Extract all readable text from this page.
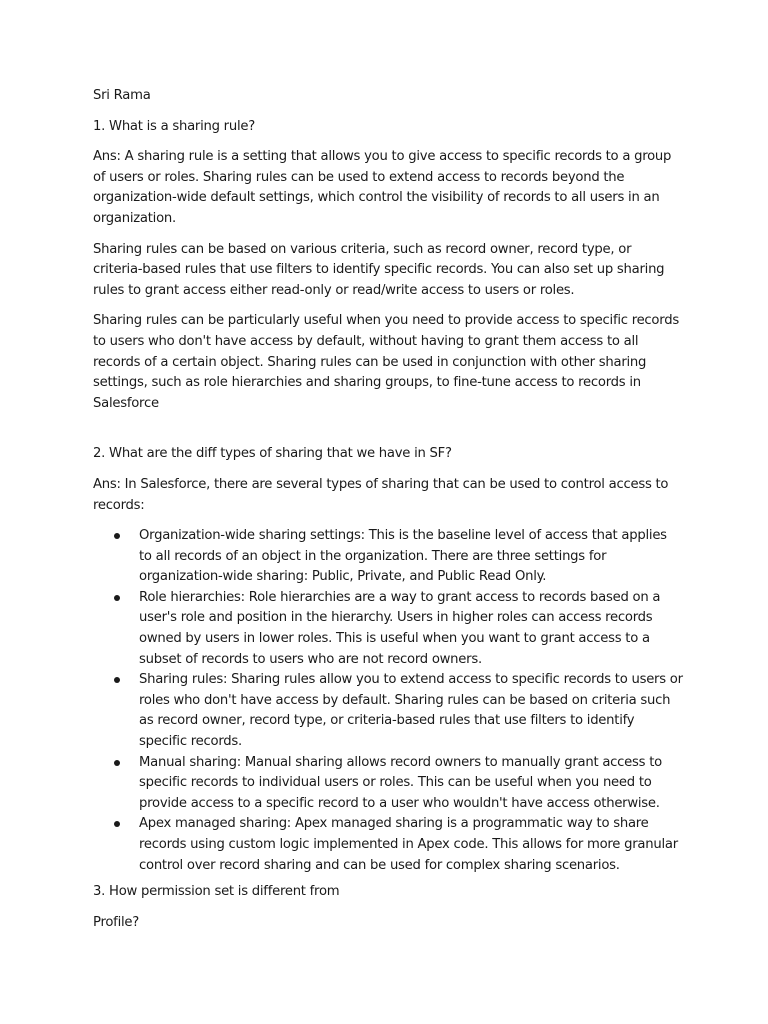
Sri Rama

1. What is a sharing rule?

Ans: A sharing rule is a setting that allows you to give access to specific records to a group of users or roles. Sharing rules can be used to extend access to records beyond the organization-wide default settings, which control the visibility of records to all users in an organization.

Sharing rules can be based on various criteria, such as record owner, record type, or criteria-based rules that use filters to identify specific records. You can also set up sharing rules to grant access either read-only or read/write access to users or roles.

Sharing rules can be particularly useful when you need to provide access to specific records to users who don't have access by default, without having to grant them access to all records of a certain object. Sharing rules can be used in conjunction with other sharing settings, such as role hierarchies and sharing groups, to fine-tune access to records in Salesforce

2. What are the diff types of sharing that we have in SF?

Ans: In Salesforce, there are several types of sharing that can be used to control access to records:

Organization-wide sharing settings: This is the baseline level of access that applies to all records of an object in the organization. There are three settings for organization-wide sharing: Public, Private, and Public Read Only.
Role hierarchies: Role hierarchies are a way to grant access to records based on a user's role and position in the hierarchy. Users in higher roles can access records owned by users in lower roles. This is useful when you want to grant access to a subset of records to users who are not record owners.
Sharing rules: Sharing rules allow you to extend access to specific records to users or roles who don't have access by default. Sharing rules can be based on criteria such as record owner, record type, or criteria-based rules that use filters to identify specific records.
Manual sharing: Manual sharing allows record owners to manually grant access to specific records to individual users or roles. This can be useful when you need to provide access to a specific record to a user who wouldn't have access otherwise.
Apex managed sharing: Apex managed sharing is a programmatic way to share records using custom logic implemented in Apex code. This allows for more granular control over record sharing and can be used for complex sharing scenarios.

3. How permission set is different from

Profile?
